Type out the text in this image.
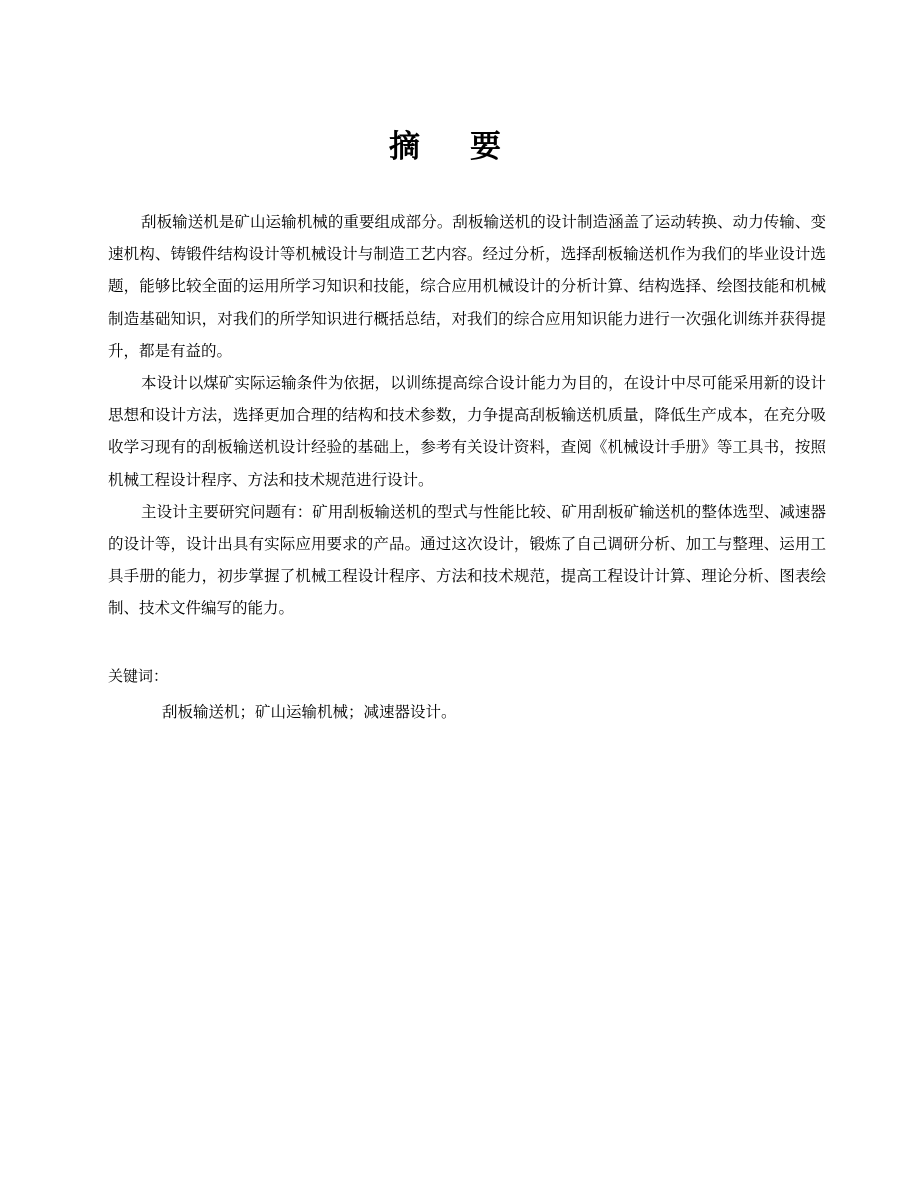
摘要

刮板输送机是矿山运输机械的重要组成部分。刮板输送机的设计制造涵盖了运动转换、动力传输、变速机构、铸锻件结构设计等机械设计与制造工艺内容。经过分析，选择刮板输送机作为我们的毕业设计选题，能够比较全面的运用所学习知识和技能，综合应用机械设计的分析计算、结构选择、绘图技能和机械制造基础知识，对我们的所学知识进行概括总结，对我们的综合应用知识能力进行一次强化训练并获得提升，都是有益的。

本设计以煤矿实际运输条件为依据，以训练提高综合设计能力为目的，在设计中尽可能采用新的设计思想和设计方法，选择更加合理的结构和技术参数，力争提高刮板输送机质量，降低生产成本，在充分吸收学习现有的刮板输送机设计经验的基础上，参考有关设计资料，查阅《机械设计手册》等工具书，按照机械工程设计程序、方法和技术规范进行设计。

主设计主要研究问题有：矿用刮板输送机的型式与性能比较、矿用刮板矿输送机的整体选型、减速器的设计等，设计出具有实际应用要求的产品。通过这次设计，锻炼了自己调研分析、加工与整理、运用工具手册的能力，初步掌握了机械工程设计程序、方法和技术规范，提高工程设计计算、理论分析、图表绘制、技术文件编写的能力。

关键词：
刮板输送机；矿山运输机械；减速器设计。
